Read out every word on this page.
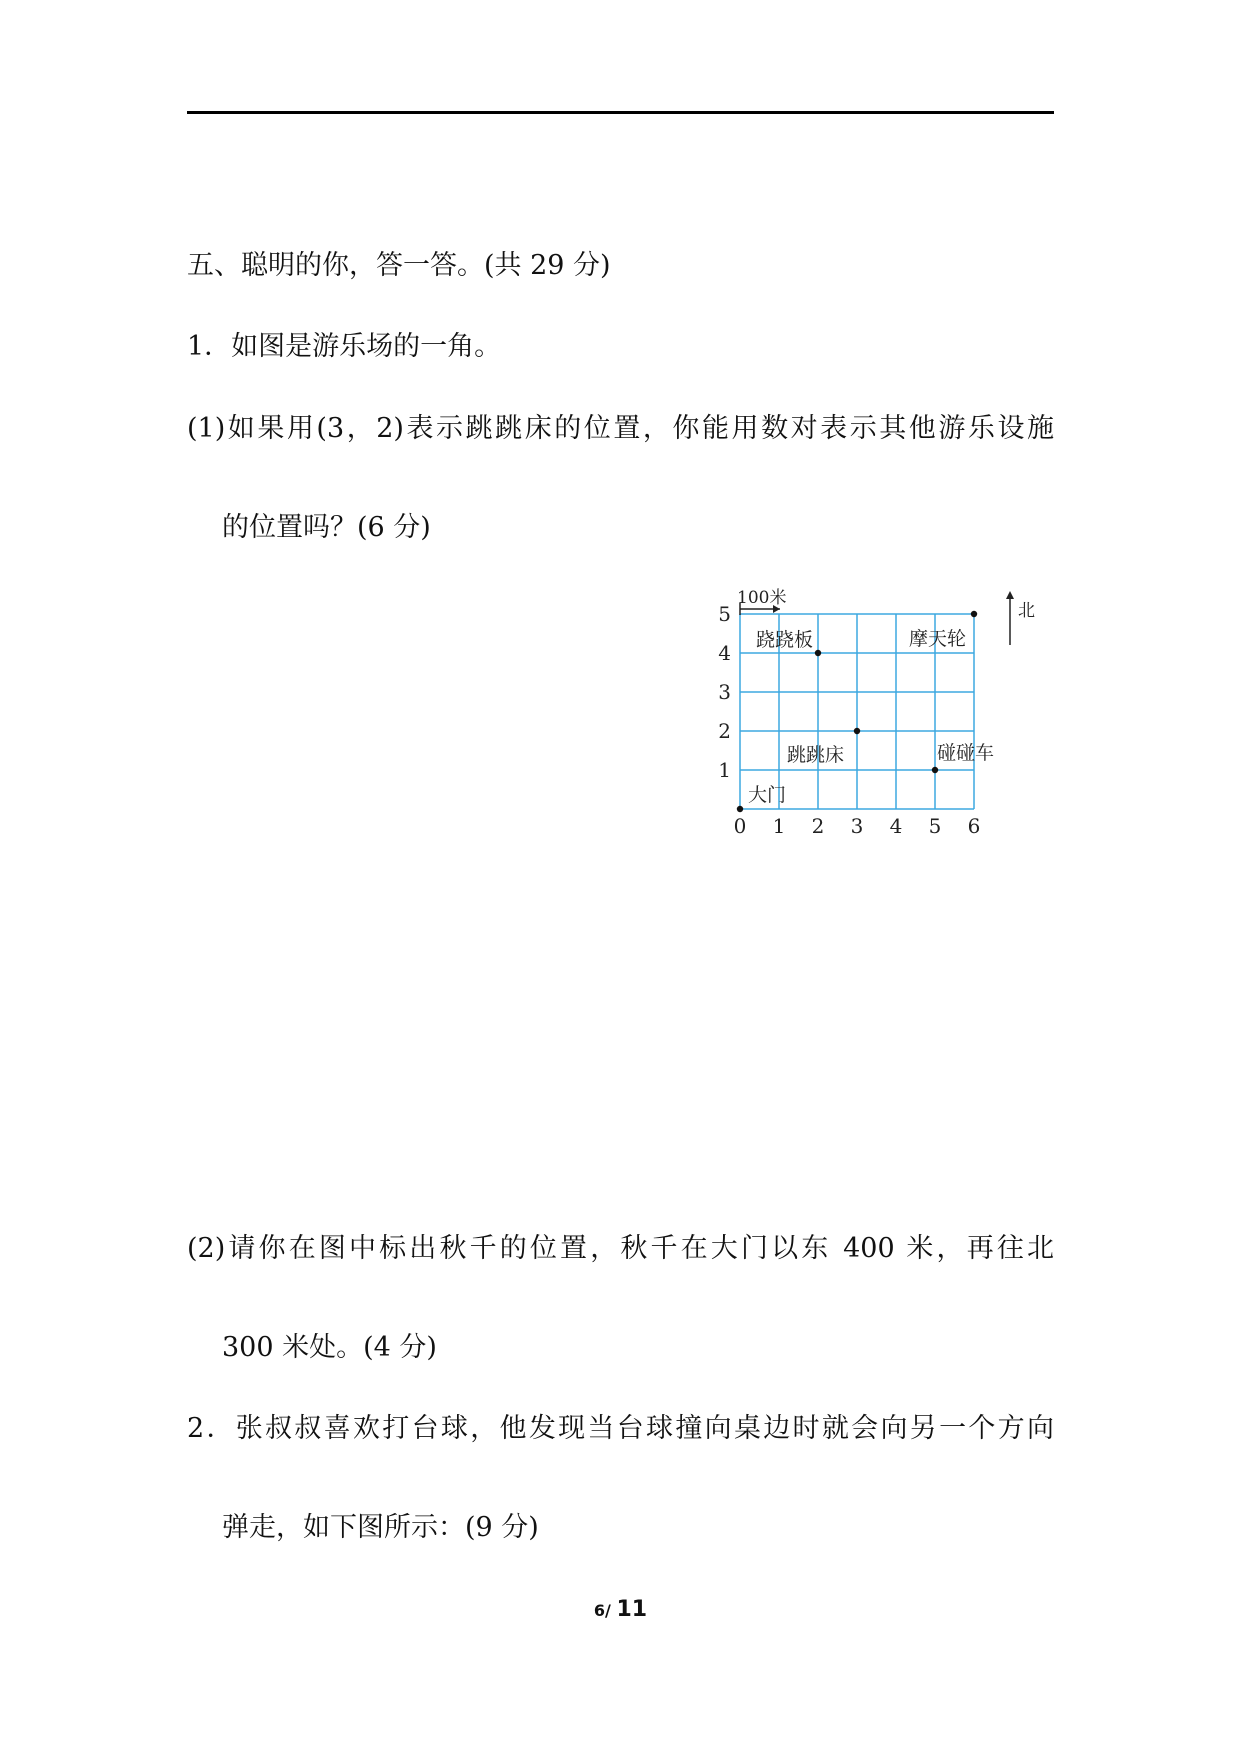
五、聪明的你，答一答。(共 29 分)
1．如图是游乐场的一角。
(1)如果用(3，2)表示跳跳床的位置，你能用数对表示其他游乐设施
的位置吗？(6 分)
0 1 2 3 4 5 6
1
2
3
4
5
100米
北
大门
跳跳床
跷跷板	摩天轮
碰碰车
(2)请你在图中标出秋千的位置，秋千在大门以东 400 米，再往北
300 米处。(4 分)
2．张叔叔喜欢打台球，他发现当台球撞向桌边时就会向另一个方向
弹走，如下图所示：(9 分)
6/ 11
